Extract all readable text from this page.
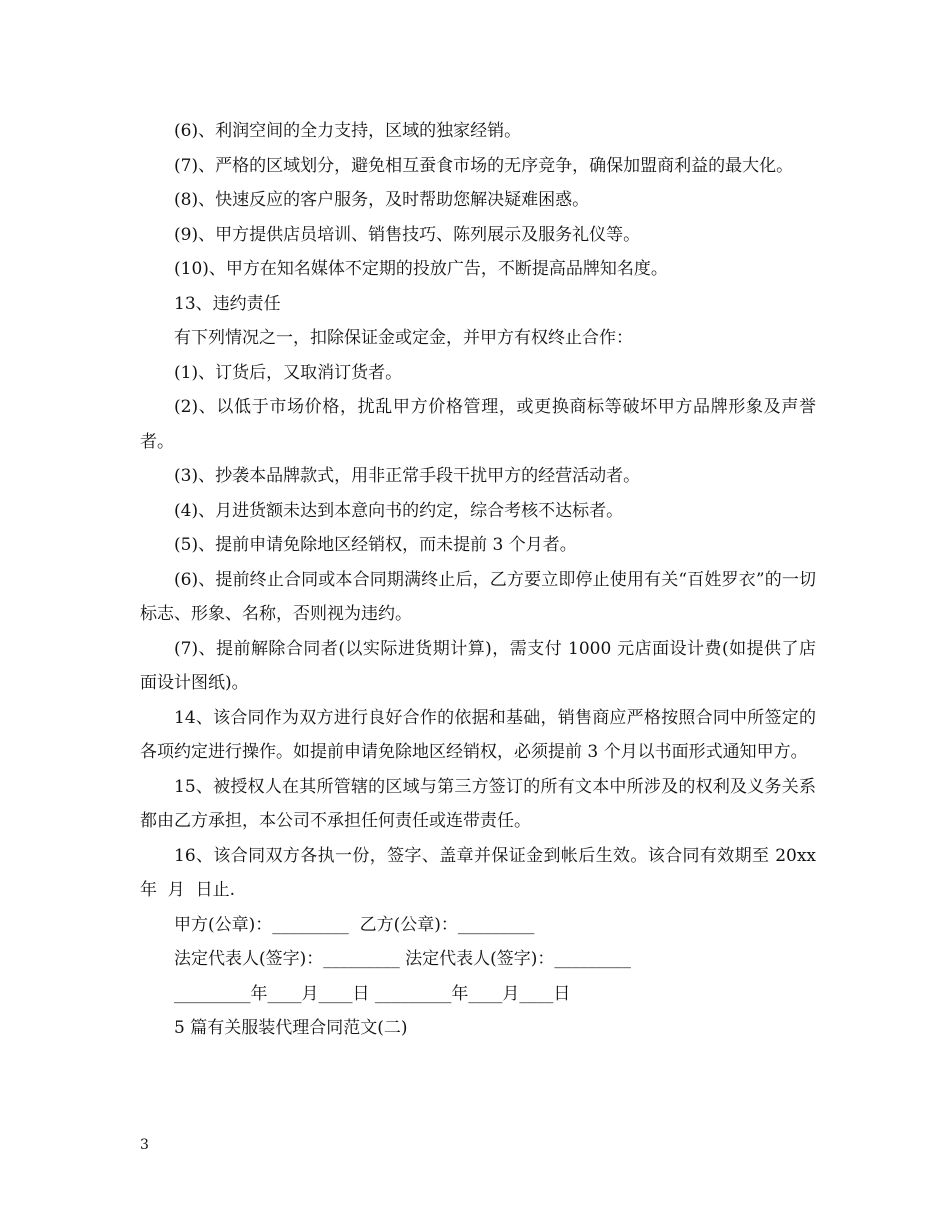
(6)、利润空间的全力支持，区域的独家经销。

(7)、严格的区域划分，避免相互蚕食市场的无序竞争，确保加盟商利益的最大化。

(8)、快速反应的客户服务，及时帮助您解决疑难困惑。

(9)、甲方提供店员培训、销售技巧、陈列展示及服务礼仪等。

(10)、甲方在知名媒体不定期的投放广告，不断提高品牌知名度。

13、违约责任

有下列情况之一，扣除保证金或定金，并甲方有权终止合作：

(1)、订货后，又取消订货者。

(2)、以低于市场价格，扰乱甲方价格管理，或更换商标等破坏甲方品牌形象及声誉者。

(3)、抄袭本品牌款式，用非正常手段干扰甲方的经营活动者。

(4)、月进货额未达到本意向书的约定，综合考核不达标者。

(5)、提前申请免除地区经销权，而未提前 3 个月者。

(6)、提前终止合同或本合同期满终止后，乙方要立即停止使用有关“百姓罗衣”的一切标志、形象、名称，否则视为违约。

(7)、提前解除合同者(以实际进货期计算)，需支付 1000 元店面设计费(如提供了店面设计图纸)。

14、该合同作为双方进行良好合作的依据和基础，销售商应严格按照合同中所签定的各项约定进行操作。如提前申请免除地区经销权，必须提前 3 个月以书面形式通知甲方。

15、被授权人在其所管辖的区域与第三方签订的所有文本中所涉及的权利及义务关系都由乙方承担，本公司不承担任何责任或连带责任。

16、该合同双方各执一份，签字、盖章并保证金到帐后生效。该合同有效期至 20xx 年  月  日止.

甲方(公章)：_________  乙方(公章)：_________

法定代表人(签字)：_________ 法定代表人(签字)：_________

_________年____月____日 _________年____月____日

5 篇有关服装代理合同范文(二)

3
